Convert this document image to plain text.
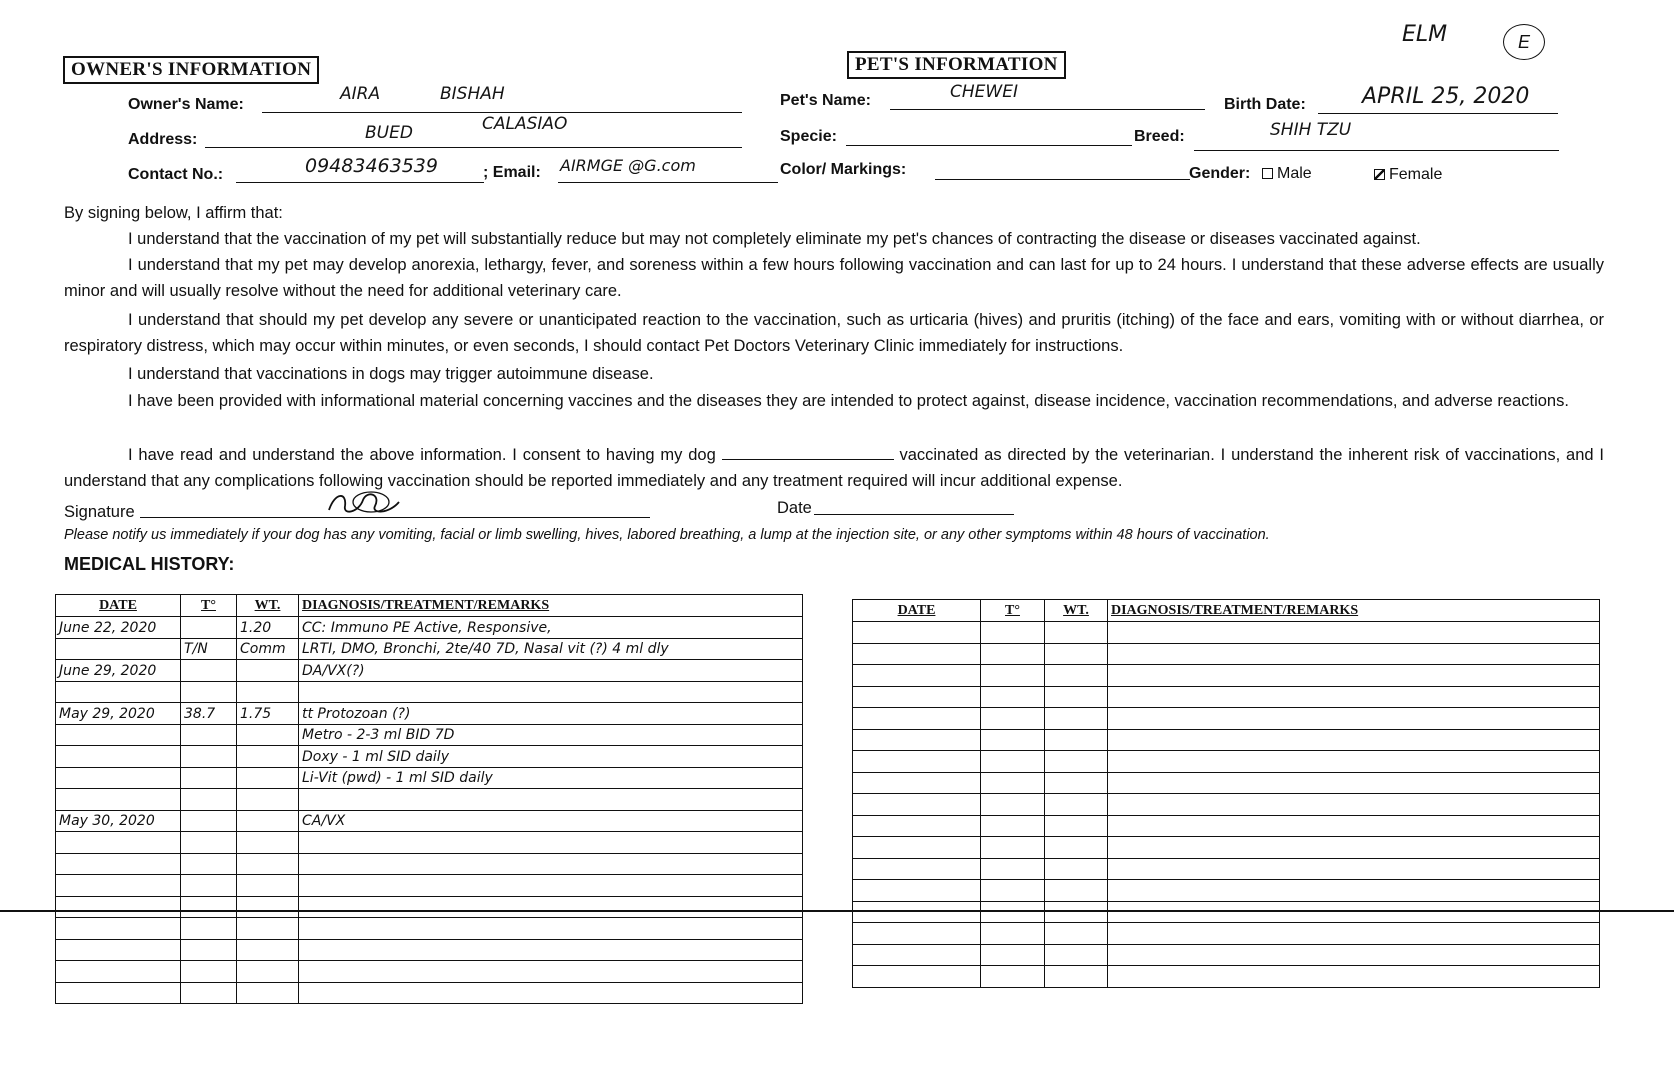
ELM	E
OWNER'S INFORMATION
Owner's Name:
AIRA	BISHAH
Address:	BUED	CALASIAO
Contact No.:	09483463539	; Email: AIRMGE @G.com
PET'S INFORMATION
Pet's Name:	CHEWEI
Birth Date:	APRIL 25, 2020
Specie:	Breed:	SHIH TZU
Color/ Markings:	Gender:	Male	Female
By signing below, I affirm that:
I understand that the vaccination of my pet will substantially reduce but may not completely eliminate my pet's chances of contracting the disease or diseases vaccinated against.
I understand that my pet may develop anorexia, lethargy, fever, and soreness within a few hours following vaccination and can last for up to 24 hours. I understand that these adverse effects are usually minor and will usually resolve without the need for additional veterinary care.
I understand that should my pet develop any severe or unanticipated reaction to the vaccination, such as urticaria (hives) and pruritis (itching) of the face and ears, vomiting with or without diarrhea, or respiratory distress, which may occur within minutes, or even seconds, I should contact Pet Doctors Veterinary Clinic immediately for instructions.
I understand that vaccinations in dogs may trigger autoimmune disease.
I have been provided with informational material concerning vaccines and the diseases they are intended to protect against, disease incidence, vaccination recommendations, and adverse reactions.
I have read and understand the above information. I consent to having my dog	vaccinated as directed by the veterinarian. I understand the inherent risk of vaccinations, and I understand that any complications following vaccination should be reported immediately and any treatment required will incur additional expense.
Signature	Date
Please notify us immediately if your dog has any vomiting, facial or limb swelling, hives, labored breathing, a lump at the injection site, or any other symptoms within 48 hours of vaccination.
MEDICAL HISTORY:
DATE	T°	WT.	DIAGNOSIS/TREATMENT/REMARKS
June 22, 2020		1.20	CC: Immuno PE Active, Responsive,
	T/N	Comm	LRTI, DMO, Bronchi, 2te/40 7D, Nasal vit (?) 4 ml dly
June 29, 2020			DA/VX(?)

May 29, 2020	38.7	1.75	tt Protozoan (?)
			Metro - 2-3 ml BID 7D
			Doxy - 1 ml SID daily
			Li-Vit (pwd) - 1 ml SID daily

May 30, 2020			CA/VX

DATE	T°	WT.	DIAGNOSIS/TREATMENT/REMARKS
